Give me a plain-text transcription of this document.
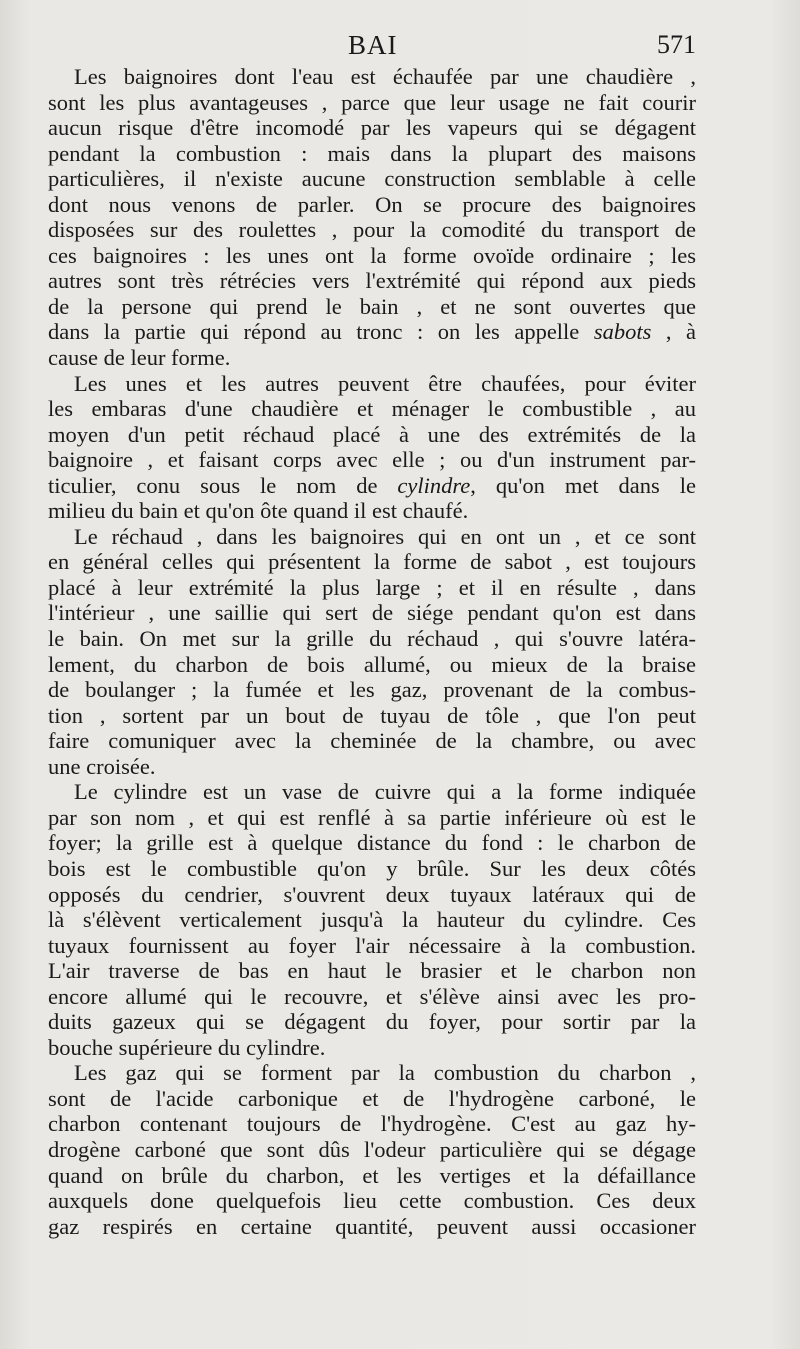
BAI	571
Les baignoires dont l'eau est échaufée par une chaudière ,
sont les plus avantageuses , parce que leur usage ne fait courir
aucun risque d'être incomodé par les vapeurs qui se dégagent
pendant la combustion : mais dans la plupart des maisons
particulières, il n'existe aucune construction semblable à celle
dont nous venons de parler. On se procure des baignoires
disposées sur des roulettes , pour la comodité du transport de
ces baignoires : les unes ont la forme ovoïde ordinaire ; les
autres sont très rétrécies vers l'extrémité qui répond aux pieds
de la persone qui prend le bain , et ne sont ouvertes que
dans la partie qui répond au tronc : on les appelle sabots , à
cause de leur forme.
Les unes et les autres peuvent être chaufées, pour éviter
les embaras d'une chaudière et ménager le combustible , au
moyen d'un petit réchaud placé à une des extrémités de la
baignoire , et faisant corps avec elle ; ou d'un instrument par-
ticulier, conu sous le nom de cylindre, qu'on met dans le
milieu du bain et qu'on ôte quand il est chaufé.
Le réchaud , dans les baignoires qui en ont un , et ce sont
en général celles qui présentent la forme de sabot , est toujours
placé à leur extrémité la plus large ; et il en résulte , dans
l'intérieur , une saillie qui sert de siége pendant qu'on est dans
le bain. On met sur la grille du réchaud , qui s'ouvre latéra-
lement, du charbon de bois allumé, ou mieux de la braise
de boulanger ; la fumée et les gaz, provenant de la combus-
tion , sortent par un bout de tuyau de tôle , que l'on peut
faire comuniquer avec la cheminée de la chambre, ou avec
une croisée.
Le cylindre est un vase de cuivre qui a la forme indiquée
par son nom , et qui est renflé à sa partie inférieure où est le
foyer; la grille est à quelque distance du fond : le charbon de
bois est le combustible qu'on y brûle. Sur les deux côtés
opposés du cendrier, s'ouvrent deux tuyaux latéraux qui de
là s'élèvent verticalement jusqu'à la hauteur du cylindre. Ces
tuyaux fournissent au foyer l'air nécessaire à la combustion.
L'air traverse de bas en haut le brasier et le charbon non
encore allumé qui le recouvre, et s'élève ainsi avec les pro-
duits gazeux qui se dégagent du foyer, pour sortir par la
bouche supérieure du cylindre.
Les gaz qui se forment par la combustion du charbon ,
sont de l'acide carbonique et de l'hydrogène carboné, le
charbon contenant toujours de l'hydrogène. C'est au gaz hy-
drogène carboné que sont dûs l'odeur particulière qui se dégage
quand on brûle du charbon, et les vertiges et la défaillance
auxquels done quelquefois lieu cette combustion. Ces deux
gaz respirés en certaine quantité, peuvent aussi occasioner
